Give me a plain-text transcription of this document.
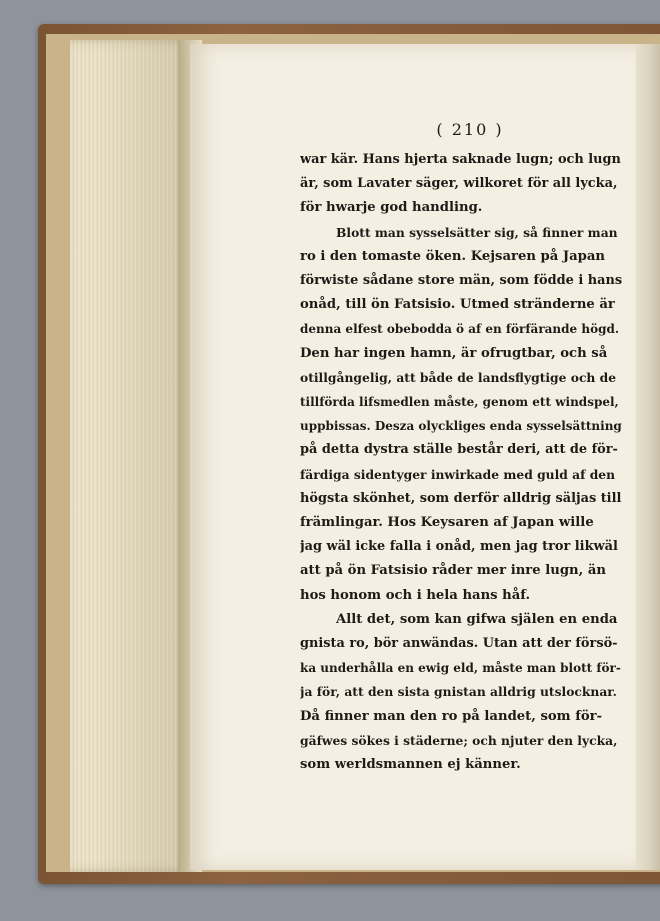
( 210 )
war kär. Hans hjerta saknade lugn; och lugn
är, som Lavater säger, wilkoret för all lycka,
för hwarje god handling.
Blott man sysselsätter sig, så finner man
ro i den tomaste öken. Kejsaren på Japan
förwiste sådane store män, som födde i hans
onåd, till ön Fatsisio. Utmed stränderne är
denna elfest obebodda ö af en förfärande högd.
Den har ingen hamn, är ofrugtbar, och så
otillgångelig, att både de landsflygtige och de
tillförda lifsmedlen måste, genom ett windspel,
uppbissas. Desza olyckliges enda sysselsättning
på detta dystra ställe består deri, att de för-
färdiga sidentyger inwirkade med guld af den
högsta skönhet, som derför alldrig säljas till
främlingar. Hos Keysaren af Japan wille
jag wäl icke falla i onåd, men jag tror likwäl
att på ön Fatsisio råder mer inre lugn, än
hos honom och i hela hans håf.
Allt det, som kan gifwa själen en enda
gnista ro, bör anwändas. Utan att der försö-
ka underhålla en ewig eld, måste man blott för-
ja för, att den sista gnistan alldrig utslocknar.
Då finner man den ro på landet, som för-
gäfwes sökes i städerne; och njuter den lycka,
som werldsmannen ej känner.
